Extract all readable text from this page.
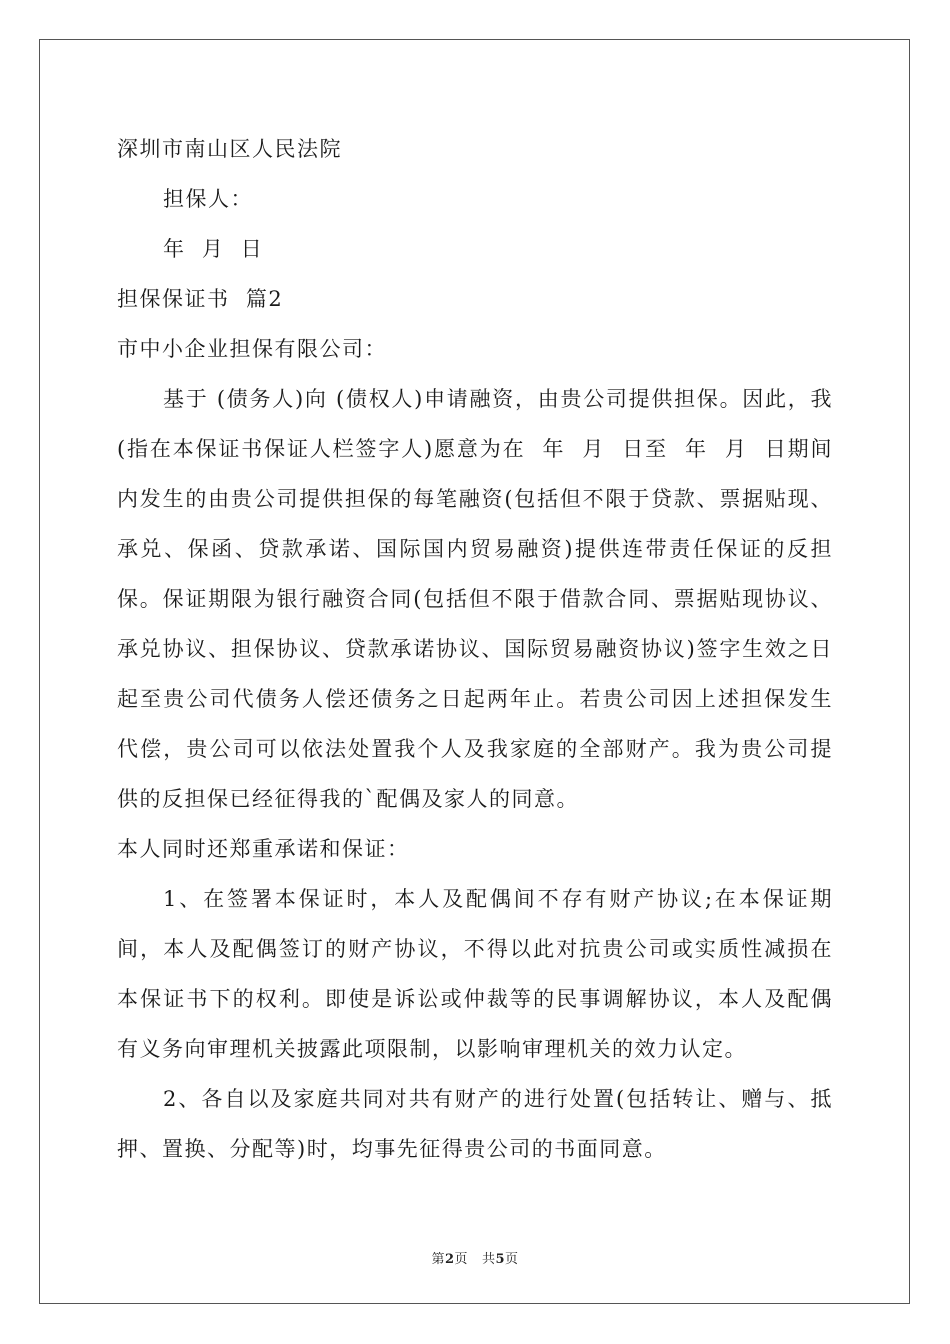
深圳市南山区人民法院

担保人：

年  月  日

担保保证书  篇2

市中小企业担保有限公司：

基于 (债务人)向 (债权人)申请融资，由贵公司提供担保。因此，我(指在本保证书保证人栏签字人)愿意为在  年  月  日至  年  月  日期间内发生的由贵公司提供担保的每笔融资(包括但不限于贷款、票据贴现、承兑、保函、贷款承诺、国际国内贸易融资)提供连带责任保证的反担保。保证期限为银行融资合同(包括但不限于借款合同、票据贴现协议、承兑协议、担保协议、贷款承诺协议、国际贸易融资协议)签字生效之日起至贵公司代债务人偿还债务之日起两年止。若贵公司因上述担保发生代偿，贵公司可以依法处置我个人及我家庭的全部财产。我为贵公司提供的反担保已经征得我的`配偶及家人的同意。

本人同时还郑重承诺和保证：

1、在签署本保证时，本人及配偶间不存有财产协议;在本保证期间，本人及配偶签订的财产协议，不得以此对抗贵公司或实质性减损在本保证书下的权利。即使是诉讼或仲裁等的民事调解协议，本人及配偶有义务向审理机关披露此项限制，以影响审理机关的效力认定。

2、各自以及家庭共同对共有财产的进行处置(包括转让、赠与、抵押、置换、分配等)时，均事先征得贵公司的书面同意。

第2页 共5页
